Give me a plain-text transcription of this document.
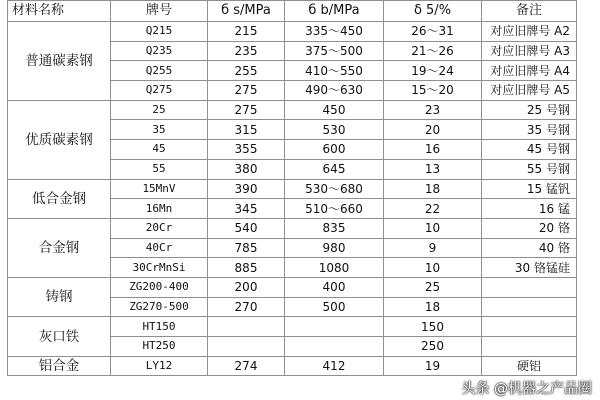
材料名称	牌号	б s/MPa	б b/MPa	δ 5/%	备注
普通碳素钢	Q215	215	335～450	26～31	对应旧牌号 A2
	Q235	235	375～500	21～26	对应旧牌号 A3
	Q255	255	410～550	19～24	对应旧牌号 A4
	Q275	275	490～630	15～20	对应旧牌号 A5
优质碳素钢	25	275	450	23	25 号钢
	35	315	530	20	35 号钢
	45	355	600	16	45 号钢
	55	380	645	13	55 号钢
低合金钢	15MnV	390	530～680	18	15 锰钒
	16Mn	345	510～660	22	16 锰
合金钢	20Cr	540	835	10	20 铬
	40Cr	785	980	9	40 铬
	30CrMnSi	885	1080	10	30 铬锰硅
铸钢	ZG200-400	200	400	25	
	ZG270-500	270	500	18	
灰口铁	HT150			150	
	HT250			250	
铝合金	LY12	274	412	19	硬铝
头条 @机器之产品圈
